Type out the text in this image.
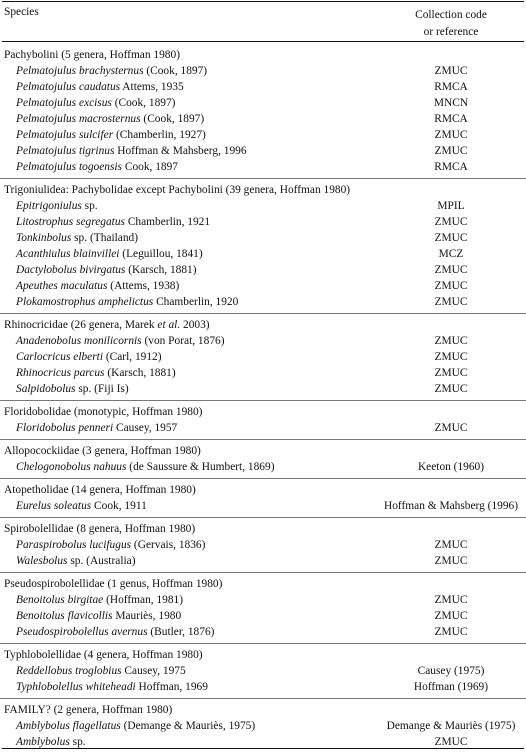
Species	Collection code
or reference
Pachybolini (5 genera, Hoffman 1980)
Pelmatojulus brachysternus (Cook, 1897)	ZMUC
Pelmatojulus caudatus Attems, 1935	RMCA
Pelmatojulus excisus (Cook, 1897)	MNCN
Pelmatojulus macrosternus (Cook, 1897)	RMCA
Pelmatojulus sulcifer (Chamberlin, 1927)	ZMUC
Pelmatojulus tigrinus Hoffman & Mahsberg, 1996	ZMUC
Pelmatojulus togoensis Cook, 1897	RMCA
Trigoniulidea: Pachybolidae except Pachybolini (39 genera, Hoffman 1980)
Epitrigoniulus sp.	MPIL
Litostrophus segregatus Chamberlin, 1921	ZMUC
Tonkinbolus sp. (Thailand)	ZMUC
Acanthiulus blainvillei (Leguillou, 1841)	MCZ
Dactylobolus bivirgatus (Karsch, 1881)	ZMUC
Apeuthes maculatus (Attems, 1938)	ZMUC
Plokamostrophus amphelictus Chamberlin, 1920	ZMUC
Rhinocricidae (26 genera, Marek et al. 2003)
Anadenobolus monilicornis (von Porat, 1876)	ZMUC
Carlocricus elberti (Carl, 1912)	ZMUC
Rhinocricus parcus (Karsch, 1881)	ZMUC
Salpidobolus sp. (Fiji Is)	ZMUC
Floridobolidae (monotypic, Hoffman 1980)
Floridobolus penneri Causey, 1957	ZMUC
Allopocockiidae (3 genera, Hoffman 1980)
Chelogonobolus nahuus (de Saussure & Humbert, 1869)	Keeton (1960)
Atopetholidae (14 genera, Hoffman 1980)
Eurelus soleatus Cook, 1911	Hoffman & Mahsberg (1996)
Spirobolellidae (8 genera, Hoffman 1980)
Paraspirobolus lucifugus (Gervais, 1836)	ZMUC
Walesbolus sp. (Australia)	ZMUC
Pseudospirobolellidae (1 genus, Hoffman 1980)
Benoitolus birgitae (Hoffman, 1981)	ZMUC
Benoitolus flavicollis Mauriès, 1980	ZMUC
Pseudospirobolellus avernus (Butler, 1876)	ZMUC
Typhlobolellidae (4 genera, Hoffman 1980)
Reddellobus troglobius Causey, 1975	Causey (1975)
Typhlobolellus whiteheadi Hoffman, 1969	Hoffman (1969)
FAMILY? (2 genera, Hoffman 1980)
Amblybolus flagellatus (Demange & Mauriès, 1975)	Demange & Mauriès (1975)
Amblybolus sp.	ZMUC
